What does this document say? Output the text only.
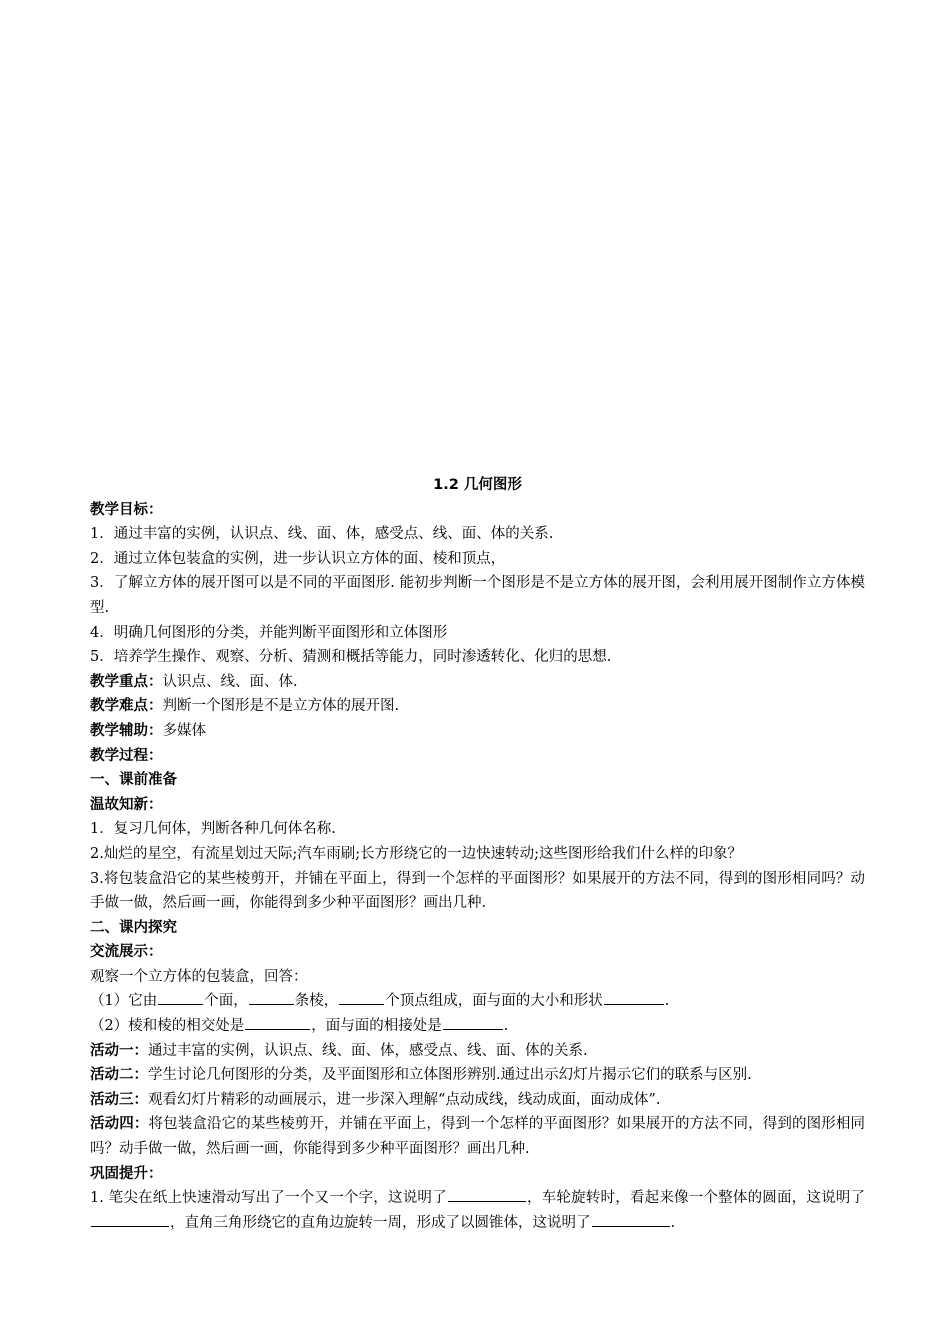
1.2 几何图形
教学目标：
1．通过丰富的实例，认识点、线、面、体，感受点、线、面、体的关系.
2．通过立体包装盒的实例，进一步认识立方体的面、棱和顶点，
3．了解立方体的展开图可以是不同的平面图形. 能初步判断一个图形是不是立方体的展开图，会利用展开图制作立方体模型.
4．明确几何图形的分类，并能判断平面图形和立体图形
5．培养学生操作、观察、分析、猜测和概括等能力，同时渗透转化、化归的思想.
教学重点：认识点、线、面、体.
教学难点：判断一个图形是不是立方体的展开图.
教学辅助：多媒体
教学过程：
一、课前准备
温故知新：
1．复习几何体，判断各种几何体名称.
2.灿烂的星空，有流星划过天际;汽车雨刷;长方形绕它的一边快速转动;这些图形给我们什么样的印象？
3.将包装盒沿它的某些棱剪开，并铺在平面上，得到一个怎样的平面图形？如果展开的方法不同，得到的图形相同吗？动手做一做，然后画一画，你能得到多少种平面图形？画出几种.
二、课内探究
交流展示：
观察一个立方体的包装盒，回答：
（1）它由	个面，	条棱，	个顶点组成，面与面的大小和形状	.
（2）棱和棱的相交处是	，面与面的相接处是	.
活动一：通过丰富的实例，认识点、线、面、体，感受点、线、面、体的关系.
活动二：学生讨论几何图形的分类，及平面图形和立体图形辨别.通过出示幻灯片揭示它们的联系与区别.
活动三：观看幻灯片精彩的动画展示，进一步深入理解“点动成线，线动成面，面动成体”.
活动四：将包装盒沿它的某些棱剪开，并铺在平面上，得到一个怎样的平面图形？如果展开的方法不同，得到的图形相同吗？动手做一做，然后画一画，你能得到多少种平面图形？画出几种.
巩固提升：
1. 笔尖在纸上快速滑动写出了一个又一个字，这说明了	，车轮旋转时，看起来像一个整体的圆面，这说明了，直角三角形绕它的直角边旋转一周，形成了以圆锥体，这说明了	.
